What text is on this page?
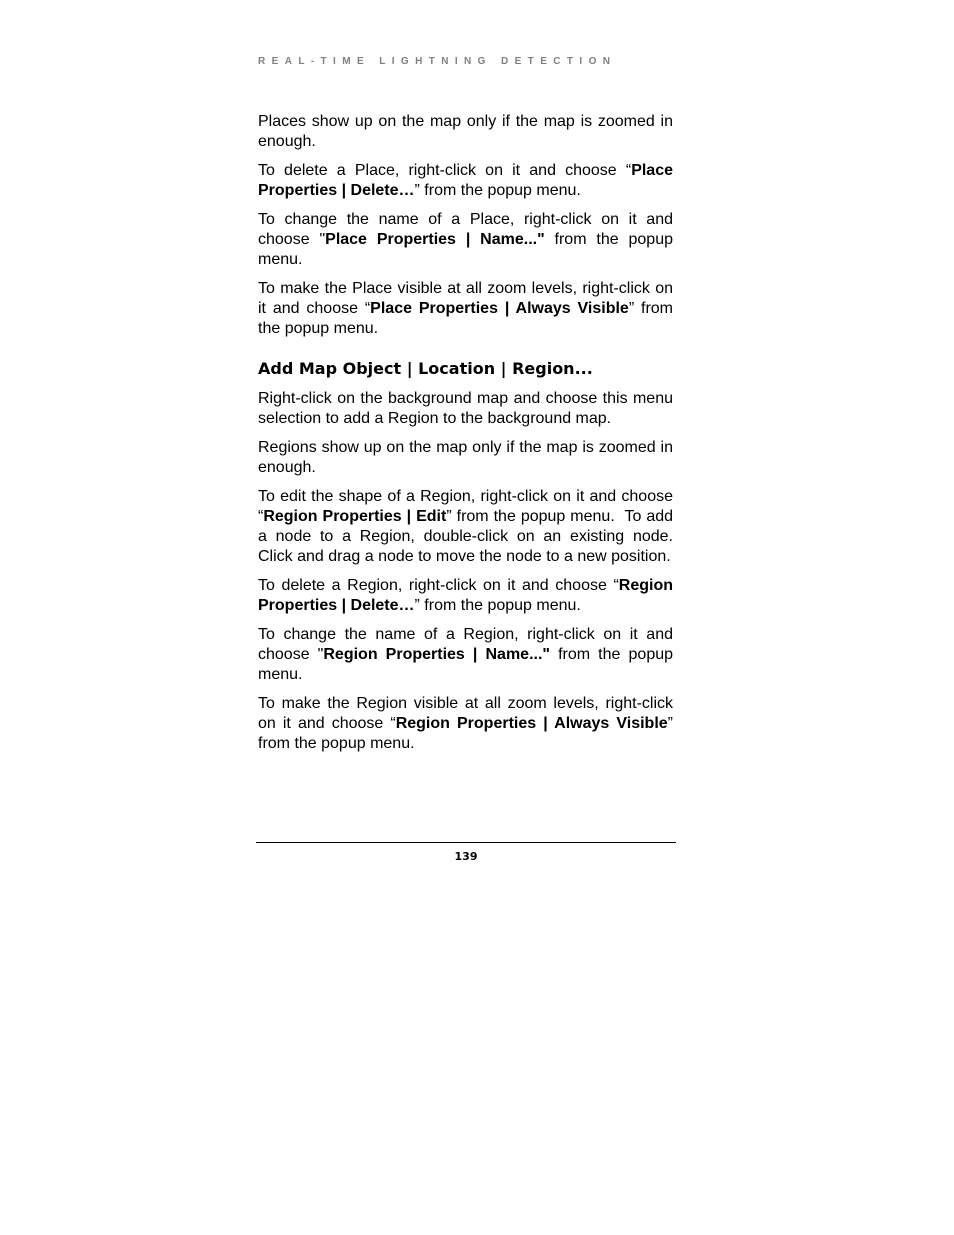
REAL-TIME LIGHTNING DETECTION

Places show up on the map only if the map is zoomed in enough.

To delete a Place, right-click on it and choose “Place Properties | Delete…” from the popup menu.

To change the name of a Place, right-click on it and choose "Place Properties | Name..." from the popup menu.

To make the Place visible at all zoom levels, right-click on it and choose “Place Properties | Always Visible” from the popup menu.

Add Map Object | Location | Region...

Right-click on the background map and choose this menu selection to add a Region to the background map.

Regions show up on the map only if the map is zoomed in enough.

To edit the shape of a Region, right-click on it and choose “Region Properties | Edit” from the popup menu.  To add a node to a Region, double-click on an existing node.  Click and drag a node to move the node to a new position.

To delete a Region, right-click on it and choose “Region Properties | Delete…” from the popup menu.

To change the name of a Region, right-click on it and choose "Region Properties | Name..." from the popup menu.

To make the Region visible at all zoom levels, right-click on it and choose “Region Properties | Always Visible” from the popup menu.

139
